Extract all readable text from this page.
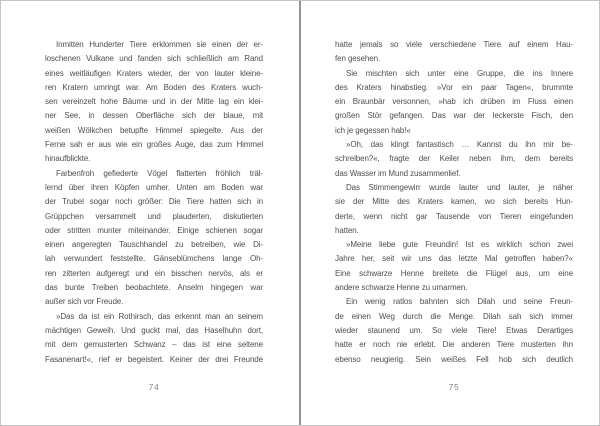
Inmitten Hunderter Tiere erklommen sie einen der er-
loschenen Vulkane und fanden sich schließlich am Rand
eines weitläufigen Kraters wieder, der von lauter kleine-
ren Kratern umringt war. Am Boden des Kraters wuch-
sen vereinzelt hohe Bäume und in der Mitte lag ein klei-
ner See, in dessen Oberfläche sich der blaue, mit
weißen Wölkchen betupfte Himmel spiegelte. Aus der
Ferne sah er aus wie ein großes Auge, das zum Himmel
hinaufblickte.
Farbenfroh gefiederte Vögel flatterten fröhlich träl-
lernd über ihren Köpfen umher. Unten am Boden war
der Trubel sogar noch größer: Die Tiere hatten sich in
Grüppchen versammelt und plauderten, diskutierten
oder stritten munter miteinander. Einige schienen sogar
einen angeregten Tauschhandel zu betreiben, wie Di-
lah verwundert feststellte. Gänseblümchens lange Oh-
ren zitterten aufgeregt und ein bisschen nervös, als er
das bunte Treiben beobachtete. Anselm hingegen war
außer sich vor Freude.
»Das da ist ein Rothirsch, das erkennt man an seinem
mächtigen Geweih. Und guckt mal, das Haselhuhn dort,
mit dem gemusterten Schwanz – das ist eine seltene
Fasanenart!«, rief er begeistert. Keiner der drei Freunde
74
hatte jemals so viele verschiedene Tiere auf einem Hau-
fen gesehen.
Sie mischten sich unter eine Gruppe, die ins Innere
des Kraters hinabstieg. »Vor ein paar Tagen«, brummte
ein Braunbär versonnen, »hab ich drüben im Fluss einen
großen Stör gefangen. Das war der leckerste Fisch, den
ich je gegessen hab!«
»Oh, das klingt fantastisch … Kannst du ihn mir be-
schreiben?«, fragte der Keiler neben ihm, dem bereits
das Wasser im Mund zusammenlief.
Das Stimmengewirr wurde lauter und lauter, je näher
sie der Mitte des Kraters kamen, wo sich bereits Hun-
derte, wenn nicht gar Tausende von Tieren eingefunden
hatten.
»Meine liebe gute Freundin! Ist es wirklich schon zwei
Jahre her, seit wir uns das letzte Mal getroffen haben?«
Eine schwarze Henne breitete die Flügel aus, um eine
andere schwarze Henne zu umarmen.
Ein wenig ratlos bahnten sich Dilah und seine Freun-
de einen Weg durch die Menge. Dilah sah sich immer
wieder staunend um. So viele Tiere! Etwas Derartiges
hatte er noch nie erlebt. Die anderen Tiere musterten ihn
ebenso neugierig. Sein weißes Fell hob sich deutlich
75
